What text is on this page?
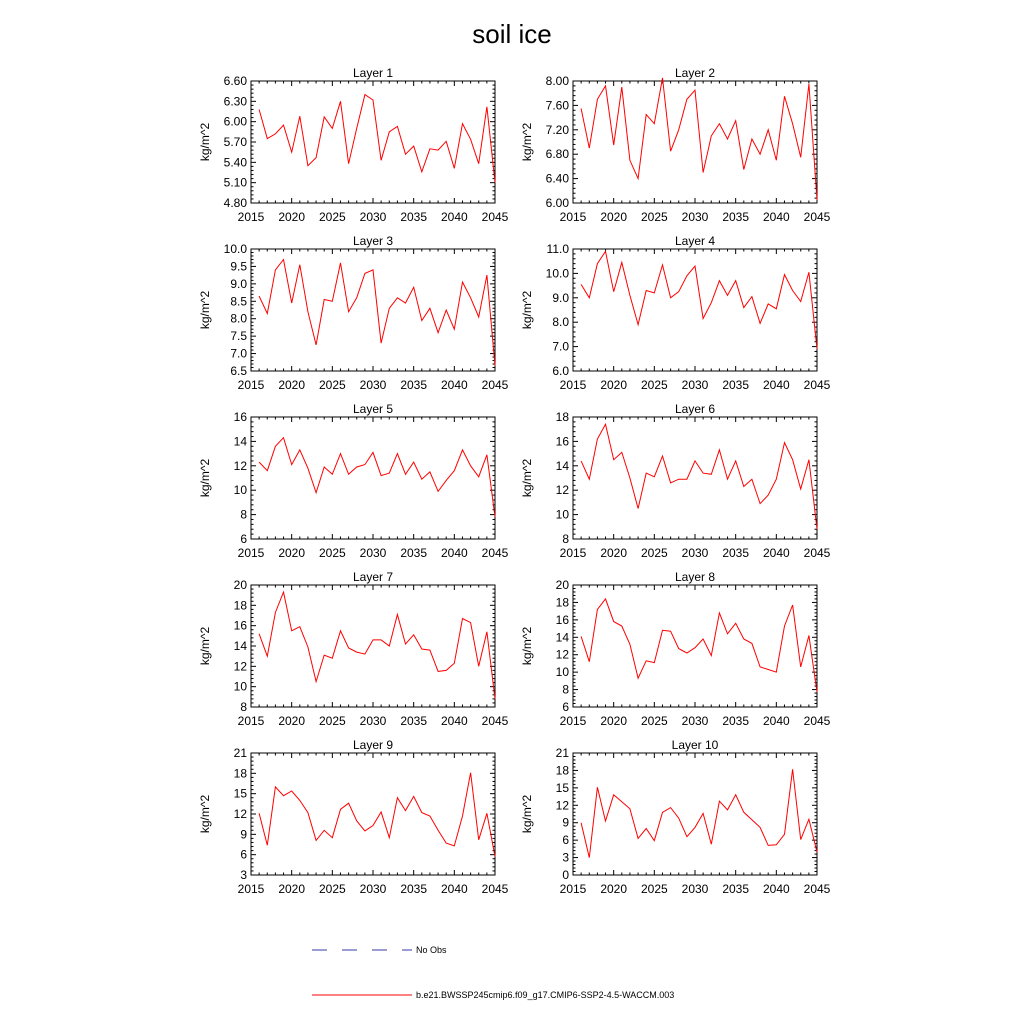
soil ice
Layer 1
2015 2020 2025 2030 2035 2040 2045
4.80
5.10
5.40
5.70
6.00
6.30
6.60
kg/m^2
Layer 2
2015 2020 2025 2030 2035 2040 2045
6.00
6.40
6.80
7.20
7.60
8.00
kg/m^2
Layer 3
2015 2020 2025 2030 2035 2040 2045
6.5
7.0
7.5
8.0
8.5
9.0
9.5
10.0
kg/m^2
Layer 4
2015 2020 2025 2030 2035 2040 2045
6.0
7.0
8.0
9.0
10.0
11.0
kg/m^2
Layer 5
2015 2020 2025 2030 2035 2040 2045
6
8
10
12
14
16
kg/m^2
Layer 6
2015 2020 2025 2030 2035 2040 2045
8
10
12
14
16
18
kg/m^2
Layer 7
2015 2020 2025 2030 2035 2040 2045
8
10
12
14
16
18
20
kg/m^2
Layer 8
2015 2020 2025 2030 2035 2040 2045
6
8
10
12
14
16
18
20
kg/m^2
Layer 9
2015 2020 2025 2030 2035 2040 2045
3
6
9
12
15
18
21
kg/m^2
Layer 10
2015 2020 2025 2030 2035 2040 2045
0
3
6
9
12
15
18
21
kg/m^2
No Obs
b.e21.BWSSP245cmip6.f09_g17.CMIP6-SSP2-4.5-WACCM.003
